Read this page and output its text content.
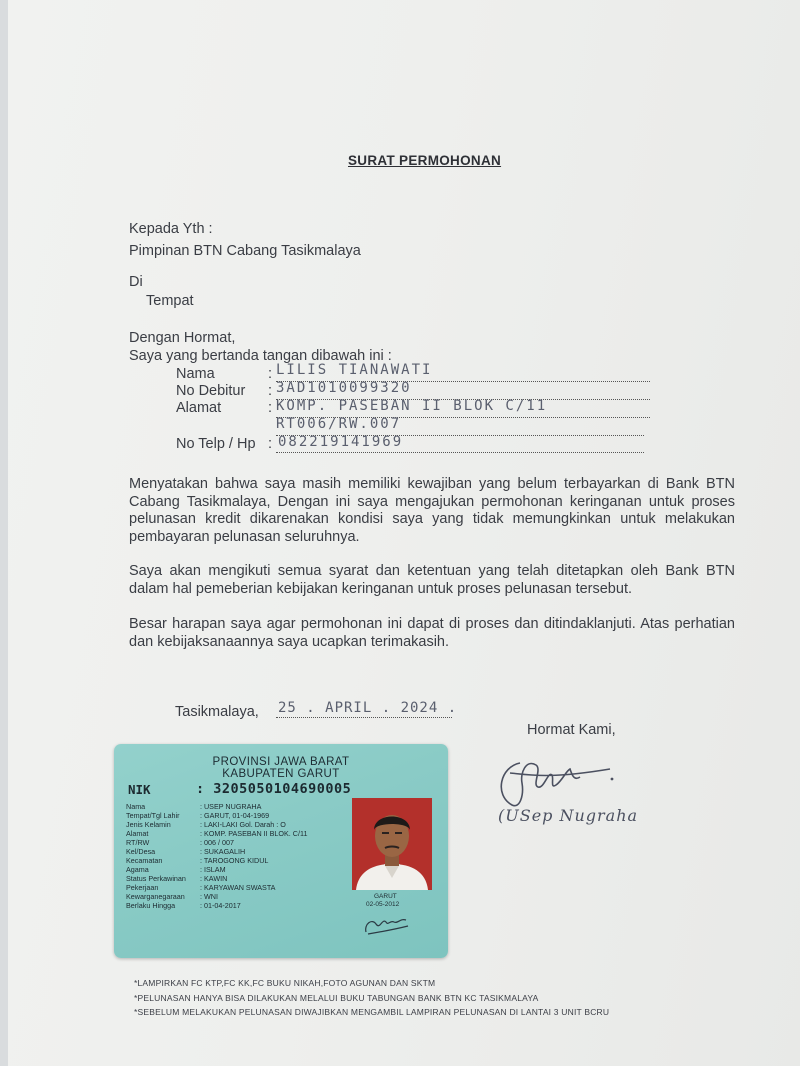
SURAT PERMOHONAN
Kepada Yth :
Pimpinan BTN Cabang Tasikmalaya
Di
Tempat
Dengan Hormat,
Saya yang bertanda tangan dibawah ini :
Nama	: LILIS TIANAWATI
No Debitur : 3AD1010099320
Alamat	: KOMP. PASEBAN II BLOK C/11
RT006/RW.007
No Telp / Hp : 082219141969
Menyatakan bahwa saya masih memiliki kewajiban yang belum terbayarkan di Bank BTN Cabang Tasikmalaya, Dengan ini saya mengajukan permohonan keringanan untuk proses pelunasan kredit dikarenakan kondisi saya yang tidak memungkinkan untuk melakukan pembayaran pelunasan seluruhnya.
Saya akan mengikuti semua syarat dan ketentuan yang telah ditetapkan oleh Bank BTN dalam hal pemeberian kebijakan keringanan untuk proses pelunasan tersebut.
Besar harapan saya agar permohonan ini dapat di proses dan ditindaklanjuti. Atas perhatian dan kebijaksanaannya saya ucapkan terimakasih.
Tasikmalaya, 25 . APRIL . 2024 .
Hormat Kami,
(USep Nugraha
PROVINSI JAWA BARAT
KABUPATEN GARUT
NIK	: 3205050104690005
Nama	: USEP NUGRAHA
Tempat/Tgl Lahir	: GARUT, 01-04-1969
Jenis Kelamin	: LAKI-LAKI Gol. Darah : O
Alamat	: KOMP. PASEBAN II BLOK. C/11
RT/RW	: 006 / 007
Kel/Desa	: SUKAGALIH
Kecamatan	: TAROGONG KIDUL
Agama	: ISLAM
Status Perkawinan : KAWIN
Pekerjaan	: KARYAWAN SWASTA
Kewarganegaraan : WNI
Berlaku Hingga	: 01-04-2017
GARUT
02-05-2012
*LAMPIRKAN FC KTP,FC KK,FC BUKU NIKAH,FOTO AGUNAN DAN SKTM
*PELUNASAN HANYA BISA DILAKUKAN MELALUI BUKU TABUNGAN BANK BTN KC TASIKMALAYA
*SEBELUM MELAKUKAN PELUNASAN DIWAJIBKAN MENGAMBIL LAMPIRAN PELUNASAN DI LANTAI 3 UNIT BCRU
